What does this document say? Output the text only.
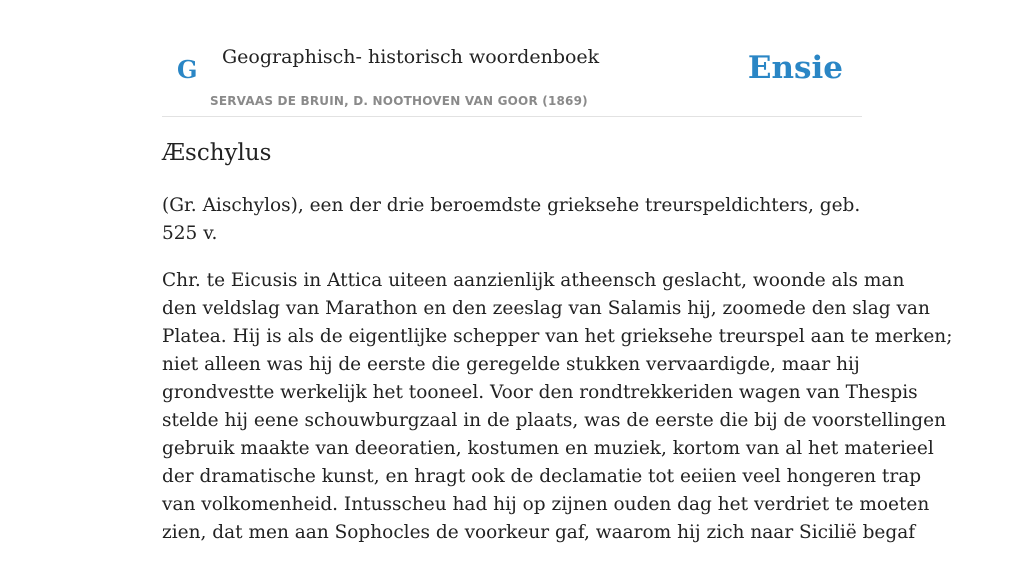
G Geographisch- historisch woordenboek
SERVAAS DE BRUIN, D. NOOTHOVEN VAN GOOR (1869)
Ensie
Æschylus

(Gr. Aischylos), een der drie beroemdste grieksehe treurspeldichters, geb. 525 v.

Chr. te Eicusis in Attica uiteen aanzienlijk atheensch geslacht, woonde als man
den veldslag van Marathon en den zeeslag van Salamis hij, zoomede den slag van
Platea. Hij is als de eigentlijke schepper van het grieksehe treurspel aan te merken;
niet alleen was hij de eerste die geregelde stukken vervaardigde, maar hij
grondvestte werkelijk het tooneel. Voor den rondtrekkeriden wagen van Thespis
stelde hij eene schouwburgzaal in de plaats, was de eerste die bij de voorstellingen
gebruik maakte van deeoratien, kostumen en muziek, kortom van al het materieel
der dramatische kunst, en hragt ook de declamatie tot eeiien veel hongeren trap
van volkomenheid. Intusscheu had hij op zijnen ouden dag het verdriet te moeten
zien, dat men aan Sophocles de voorkeur gaf, waarom hij zich naar Sicilië begaf
